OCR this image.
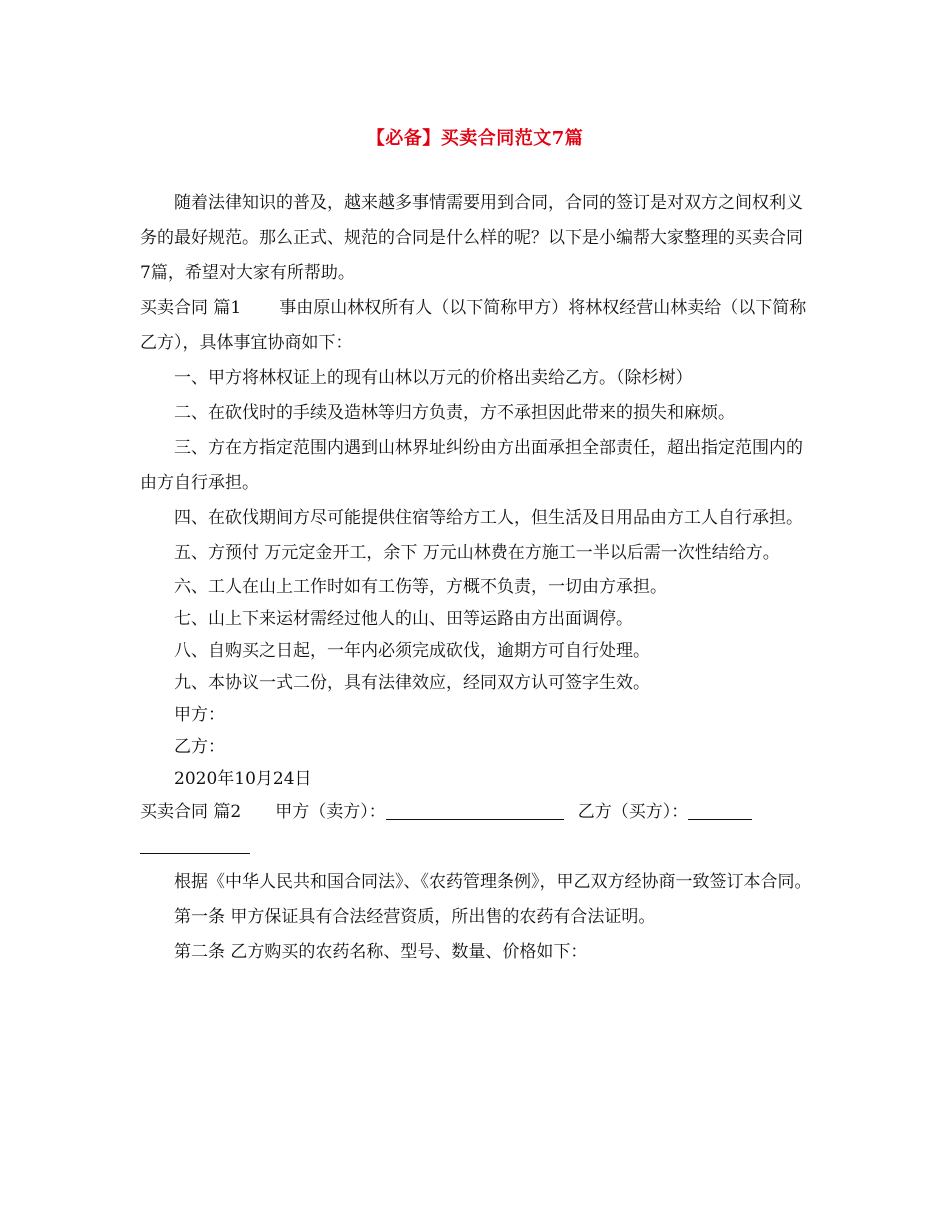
【必备】买卖合同范文7篇

随着法律知识的普及，越来越多事情需要用到合同，合同的签订是对双方之间权利义务的最好规范。那么正式、规范的合同是什么样的呢？以下是小编帮大家整理的买卖合同7篇，希望对大家有所帮助。

买卖合同 篇1 事由原山林权所有人（以下简称甲方）将林权经营山林卖给（以下简称乙方），具体事宜协商如下：

一、甲方将林权证上的现有山林以万元的价格出卖给乙方。（除杉树）

二、在砍伐时的手续及造林等归方负责，方不承担因此带来的损失和麻烦。

三、方在方指定范围内遇到山林界址纠纷由方出面承担全部责任，超出指定范围内的由方自行承担。

四、在砍伐期间方尽可能提供住宿等给方工人，但生活及日用品由方工人自行承担。

五、方预付 万元定金开工，余下 万元山林费在方施工一半以后需一次性结给方。

六、工人在山上工作时如有工伤等，方概不负责，一切由方承担。

七、山上下来运材需经过他人的山、田等运路由方出面调停。

八、自购买之日起，一年内必须完成砍伐，逾期方可自行处理。

九、本协议一式二份，具有法律效应，经同双方认可签字生效。

甲方：

乙方：

2020年10月24日

买卖合同 篇2 甲方（卖方）：	乙方（买方）：

根据《中华人民共和国合同法》、《农药管理条例》，甲乙双方经协商一致签订本合同。

第一条 甲方保证具有合法经营资质，所出售的农药有合法证明。

第二条 乙方购买的农药名称、型号、数量、价格如下：
